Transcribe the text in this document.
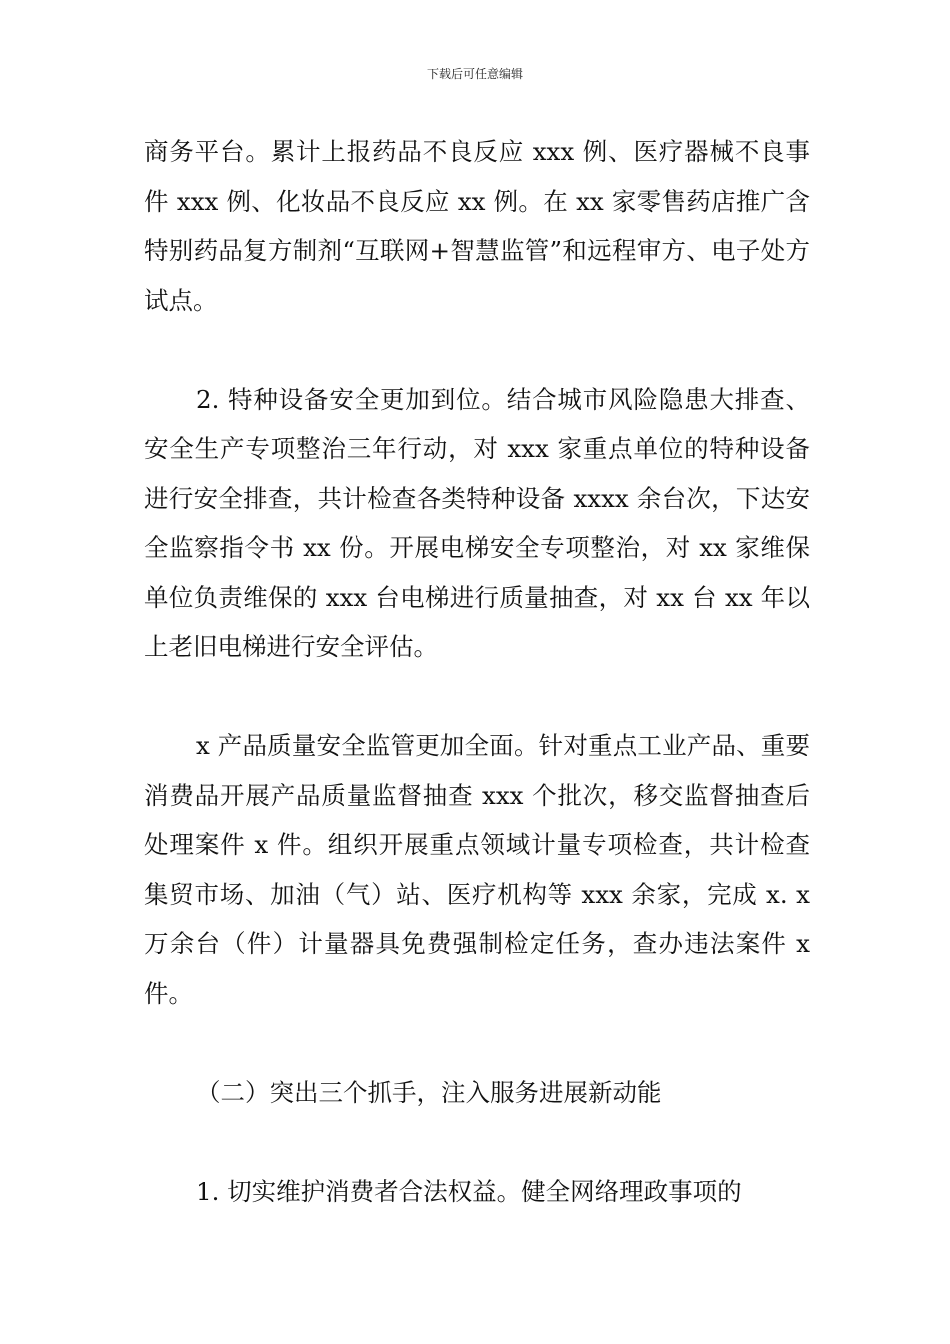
下载后可任意编辑

商务平台。累计上报药品不良反应 xxx 例、医疗器械不良事件 xxx 例、化妆品不良反应 xx 例。在 xx 家零售药店推广含特别药品复方制剂“互联网+智慧监管”和远程审方、电子处方试点。

2. 特种设备安全更加到位。结合城市风险隐患大排查、安全生产专项整治三年行动，对 xxx 家重点单位的特种设备进行安全排查，共计检查各类特种设备 xxxx 余台次，下达安全监察指令书 xx 份。开展电梯安全专项整治，对 xx 家维保单位负责维保的 xxx 台电梯进行质量抽查，对 xx 台 xx 年以上老旧电梯进行安全评估。

x 产品质量安全监管更加全面。针对重点工业产品、重要消费品开展产品质量监督抽查 xxx 个批次，移交监督抽查后处理案件 x 件。组织开展重点领域计量专项检查，共计检查集贸市场、加油（气）站、医疗机构等 xxx 余家，完成 x. x 万余台（件）计量器具免费强制检定任务，查办违法案件 x 件。

（二）突出三个抓手，注入服务进展新动能

1. 切实维护消费者合法权益。健全网络理政事项的
